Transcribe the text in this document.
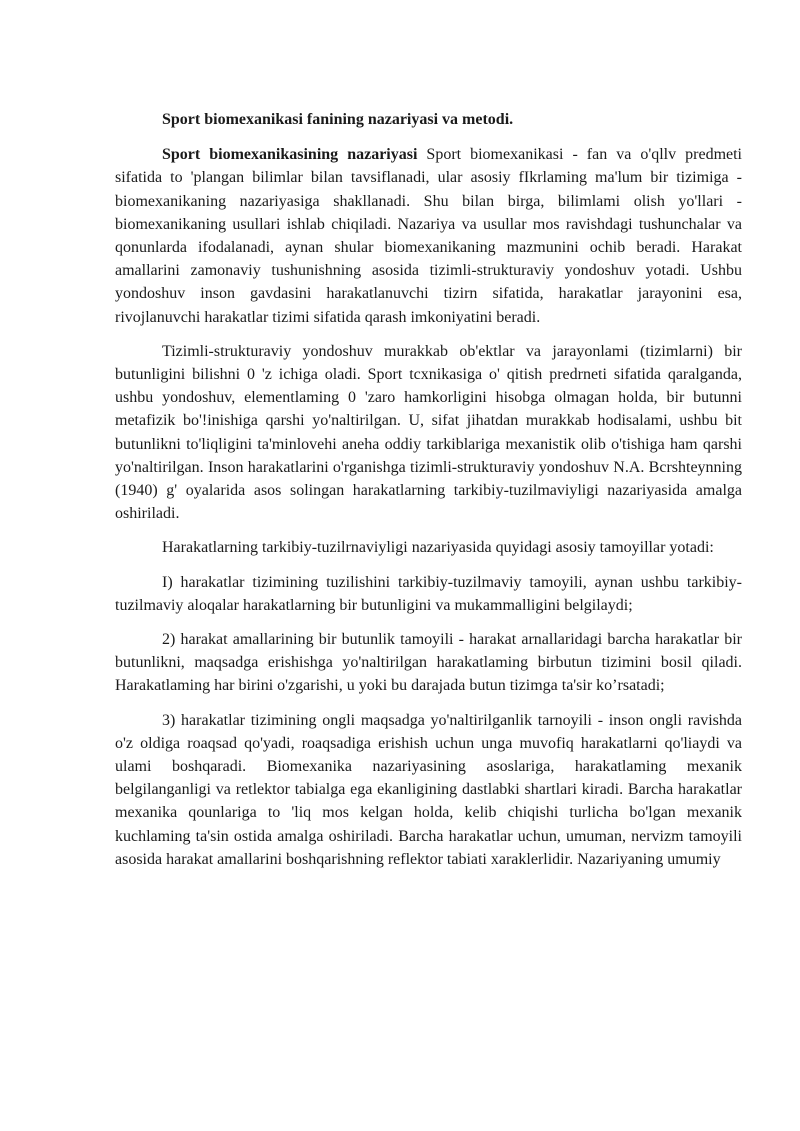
Sport biomexanikasi fanining nazariyasi va metodi.

Sport biomexanikasining nazariyasi Sport biomexanikasi - fan va o'qllv predmeti sifatida to 'plangan bilimlar bilan tavsiflanadi, ular asosiy fIkrlaming ma'lum bir tizimiga - biomexanikaning nazariyasiga shakllanadi. Shu bilan birga, bilimlami olish yo'llari - biomexanikaning usullari ishlab chiqiladi. Nazariya va usullar mos ravishdagi tushunchalar va qonunlarda ifodalanadi, aynan shular biomexanikaning mazmunini ochib beradi. Harakat amallarini zamonaviy tushunishning asosida tizimli-strukturaviy yondoshuv yotadi. Ushbu yondoshuv inson gavdasini harakatlanuvchi tizirn sifatida, harakatlar jarayonini esa, rivojlanuvchi harakatlar tizimi sifatida qarash imkoniyatini beradi.

Tizimli-strukturaviy yondoshuv murakkab ob'ektlar va jarayonlami (tizimlarni) bir butunligini bilishni 0 'z ichiga oladi. Sport tcxnikasiga o' qitish predrneti sifatida qaralganda, ushbu yondoshuv, elementlaming 0 'zaro hamkorligini hisobga olmagan holda, bir butunni metafizik bo'!inishiga qarshi yo'naltirilgan. U, sifat jihatdan murakkab hodisalami, ushbu bit butunlikni to'liqligini ta'minlovehi aneha oddiy tarkiblariga mexanistik olib o'tishiga ham qarshi yo'naltirilgan. Inson harakatlarini o'rganishga tizimli-strukturaviy yondoshuv N.A. Bcrshteynning (1940) g' oyalarida asos solingan harakatlarning tarkibiy-tuzilmaviyligi nazariyasida amalga oshiriladi.

Harakatlarning tarkibiy-tuzilrnaviyligi nazariyasida quyidagi asosiy tamoyillar yotadi:

I) harakatlar tizimining tuzilishini tarkibiy-tuzilmaviy tamoyili, aynan ushbu tarkibiy-tuzilmaviy aloqalar harakatlarning bir butunligini va mukammalligini belgilaydi;

2) harakat amallarining bir butunlik tamoyili - harakat arnallaridagi barcha harakatlar bir butunlikni, maqsadga erishishga yo'naltirilgan harakatlaming birbutun tizimini bosil qiladi. Harakatlaming har birini o'zgarishi, u yoki bu darajada butun tizimga ta'sir ko’rsatadi;

3) harakatlar tizimining ongli maqsadga yo'naltirilganlik tarnoyili - inson ongli ravishda o'z oldiga roaqsad qo'yadi, roaqsadiga erishish uchun unga muvofiq harakatlarni qo'liaydi va ulami boshqaradi. Biomexanika nazariyasining asoslariga, harakatlaming mexanik belgilanganligi va retlektor tabialga ega ekanligining dastlabki shartlari kiradi. Barcha harakatlar mexanika qounlariga to 'liq mos kelgan holda, kelib chiqishi turlicha bo'lgan mexanik kuchlaming ta'sin ostida amalga oshiriladi. Barcha harakatlar uchun, umuman, nervizm tamoyili asosida harakat amallarini boshqarishning reflektor tabiati xaraklerlidir. Nazariyaning umumiy
